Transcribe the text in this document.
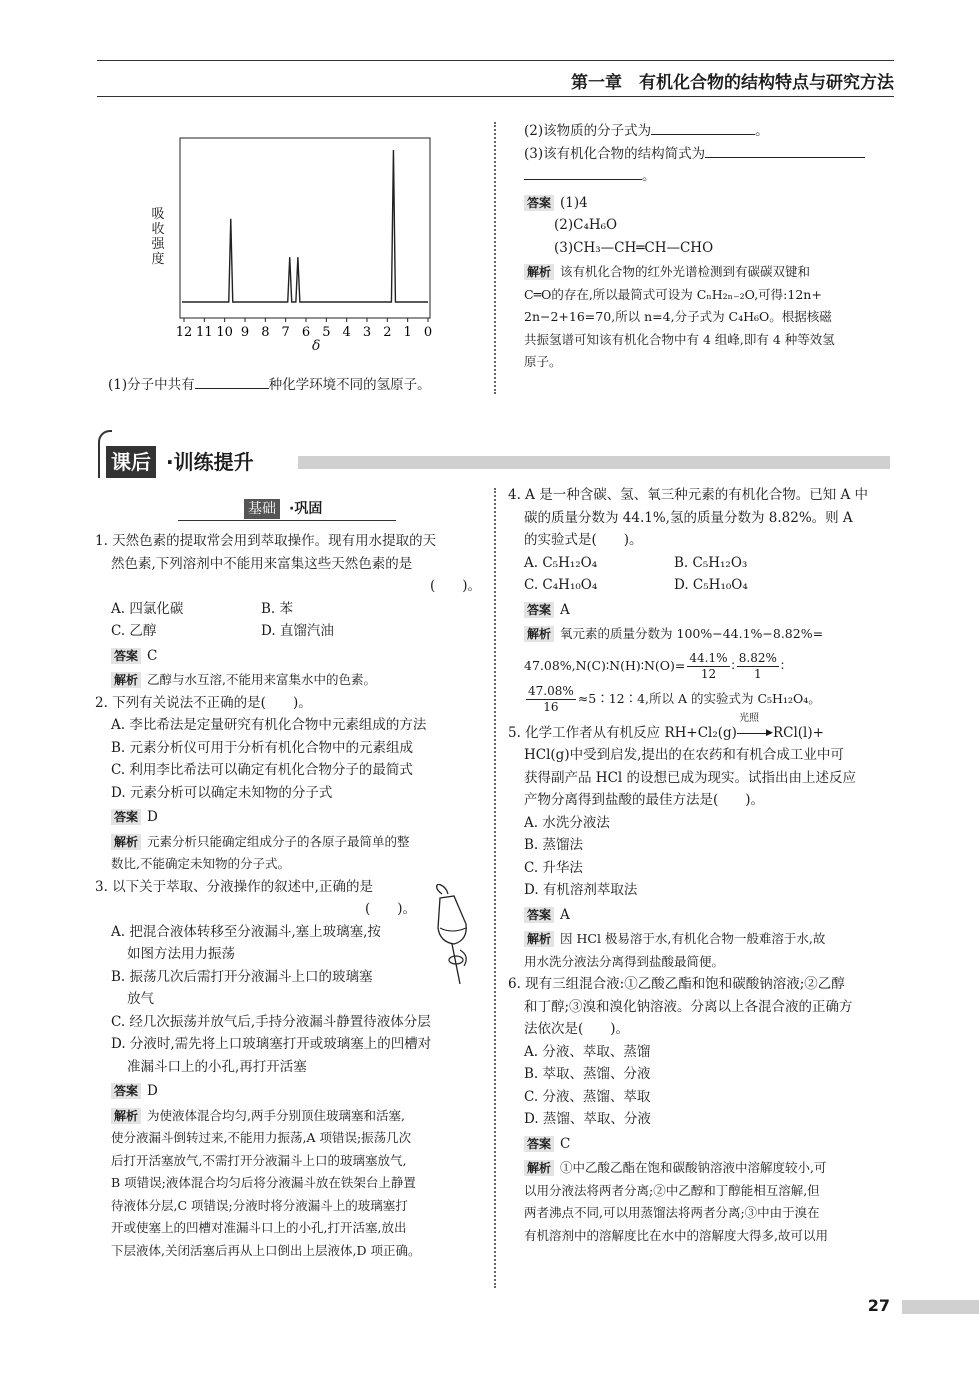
第一章　有机化合物的结构特点与研究方法
12 11 10 9 8 7 6 5 4 3 2 1 0
吸收强度
δ
(1)分子中共有	种化学环境不同的氢原子。
(2)该物质的分子式为	。
(3)该有机化合物的结构简式为
。
答案 (1)4
(2)C₄H₆O
(3)CH₃—CH═CH—CHO
解析 该有机化合物的红外光谱检测到有碳碳双键和
C═O的存在,所以最简式可设为 CₙH₂ₙ₋₂O,可得:12n+
2n−2+16=70,所以 n=4,分子式为 C₄H₆O。根据核磁
共振氢谱可知该有机化合物中有 4 组峰,即有 4 种等效氢
原子。
课后 ·训练提升
基础 ·巩固
1. 天然色素的提取常会用到萃取操作。现有用水提取的天
然色素,下列溶剂中不能用来富集这些天然色素的是
(　　)。
A. 四氯化碳	B. 苯
C. 乙醇	D. 直馏汽油
答案 C
解析 乙醇与水互溶,不能用来富集水中的色素。
2. 下列有关说法不正确的是(　　)。
A. 李比希法是定量研究有机化合物中元素组成的方法
B. 元素分析仪可用于分析有机化合物中的元素组成
C. 利用李比希法可以确定有机化合物分子的最简式
D. 元素分析可以确定未知物的分子式
答案 D
解析 元素分析只能确定组成分子的各原子最简单的整
数比,不能确定未知物的分子式。
3. 以下关于萃取、分液操作的叙述中,正确的是
(　　)。
A. 把混合液体转移至分液漏斗,塞上玻璃塞,按
如图方法用力振荡
B. 振荡几次后需打开分液漏斗上口的玻璃塞
放气
C. 经几次振荡并放气后,手持分液漏斗静置待液体分层
D. 分液时,需先将上口玻璃塞打开或玻璃塞上的凹槽对
准漏斗口上的小孔,再打开活塞
答案 D
解析 为使液体混合均匀,两手分别顶住玻璃塞和活塞,
使分液漏斗倒转过来,不能用力振荡,A 项错误;振荡几次
后打开活塞放气,不需打开分液漏斗上口的玻璃塞放气,
B 项错误;液体混合均匀后将分液漏斗放在铁架台上静置
待液体分层,C 项错误;分液时将分液漏斗上的玻璃塞打
开或使塞上的凹槽对准漏斗口上的小孔,打开活塞,放出
下层液体,关闭活塞后再从上口倒出上层液体,D 项正确。
4. A 是一种含碳、氢、氧三种元素的有机化合物。已知 A 中
碳的质量分数为 44.1%,氢的质量分数为 8.82%。则 A
的实验式是(　　)。
A. C₅H₁₂O₄	B. C₅H₁₂O₃
C. C₄H₁₀O₄	D. C₅H₁₀O₄
答案 A
解析 氧元素的质量分数为 100%−44.1%−8.82%=
47.08%,N(C)∶N(H)∶N(O)= $\frac{44.1\%}{12}$ ∶ $\frac{8.82\%}{1}$ ∶
$\frac{47.08\%}{16}$ ≈5∶12∶4,所以 A 的实验式为 C₅H₁₂O₄。
5. 化学工作者从有机反应 RH+Cl₂(g)
光照
▶ RCl(l)+
HCl(g)中受到启发,提出的在农药和有机合成工业中可
获得副产品 HCl 的设想已成为现实。试指出由上述反应
产物分离得到盐酸的最佳方法是(　　)。
A. 水洗分液法
B. 蒸馏法
C. 升华法
D. 有机溶剂萃取法
答案 A
解析 因 HCl 极易溶于水,有机化合物一般难溶于水,故
用水洗分液法分离得到盐酸最简便。
6. 现有三组混合液:①乙酸乙酯和饱和碳酸钠溶液;②乙醇
和丁醇;③溴和溴化钠溶液。分离以上各混合液的正确方
法依次是(　　)。
A. 分液、萃取、蒸馏
B. 萃取、蒸馏、分液
C. 分液、蒸馏、萃取
D. 蒸馏、萃取、分液
答案 C
解析 ①中乙酸乙酯在饱和碳酸钠溶液中溶解度较小,可
以用分液法将两者分离;②中乙醇和丁醇能相互溶解,但
两者沸点不同,可以用蒸馏法将两者分离;③中由于溴在
有机溶剂中的溶解度比在水中的溶解度大得多,故可以用
27
